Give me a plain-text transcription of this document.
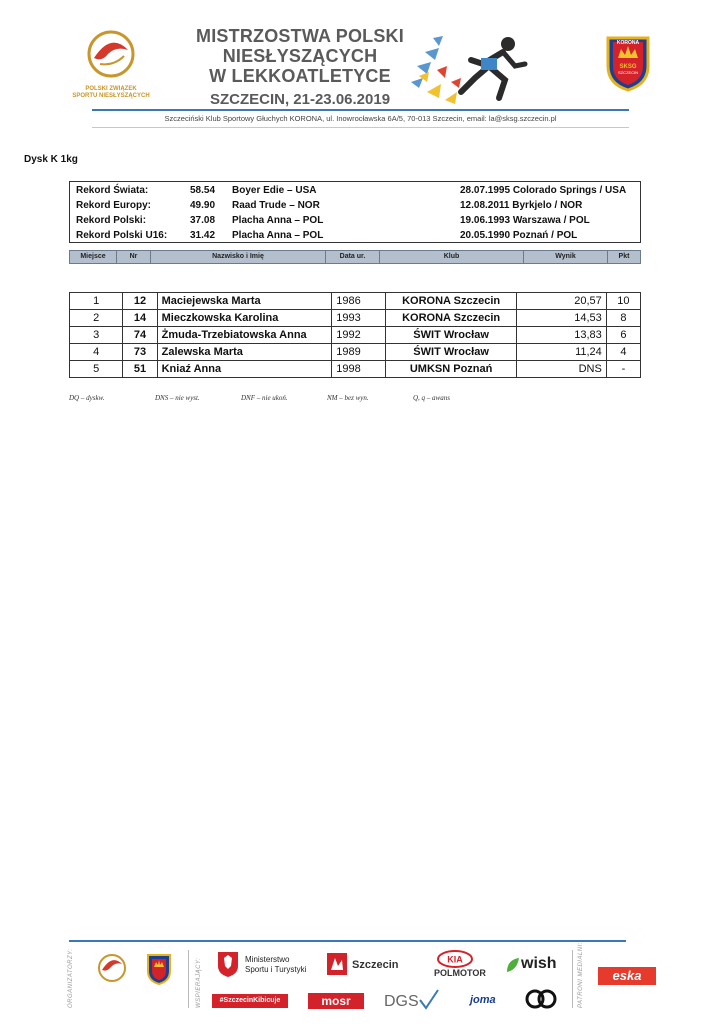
POLSKI ZWIĄZEK
SPORTU NIESŁYSZĄCYCH
MISTRZOSTWA POLSKI
NIESŁYSZĄCYCH
W LEKKOATLETYCE
SZCZECIN, 21-23.06.2019
KORONA
SKSG
SZCZECIN
Szczeciński Klub Sportowy Głuchych KORONA, ul. Inowrocławska 6A/5, 70-013 Szczecin, email: la@sksg.szczecin.pl
Dysk K 1kg
Rekord Świata:	58.54 Boyer Edie – USA	28.07.1995 Colorado Springs / USA
Rekord Europy:	49.90 Raad Trude – NOR	12.08.2011 Byrkjelo / NOR
Rekord Polski:	37.08 Placha Anna – POL	19.06.1993 Warszawa / POL
Rekord Polski U16: 31.42 Placha Anna – POL	20.05.1990 Poznań / POL
Miejsce	Nr	Nazwisko i Imię	Data ur.	Klub	Wynik	Pkt
1	12	Maciejewska Marta	1986	KORONA Szczecin	20,57	10
2	14	Mieczkowska Karolina	1993	KORONA Szczecin	14,53	8
3	74	Żmuda-Trzebiatowska Anna	1992	ŚWIT Wrocław	13,83	6
4	73	Zalewska Marta	1989	ŚWIT Wrocław	11,24	4
5	51	Kniaź Anna	1998	UMKSN Poznań	DNS	-
DQ – dyskw.	DNS – nie wyst.	DNF – nie ukoń.	NM – bez wyn.	Q, q – awans
ORGANIZATORZY:	WSPIERAJĄCY:	Ministerstwo
Sportu i Turystyki	Szczecin
#SzczecinKibicuje	mosr	DGS
KIA
POLMOTOR
joma
wish	PATRONI MEDIALNI:	eska
